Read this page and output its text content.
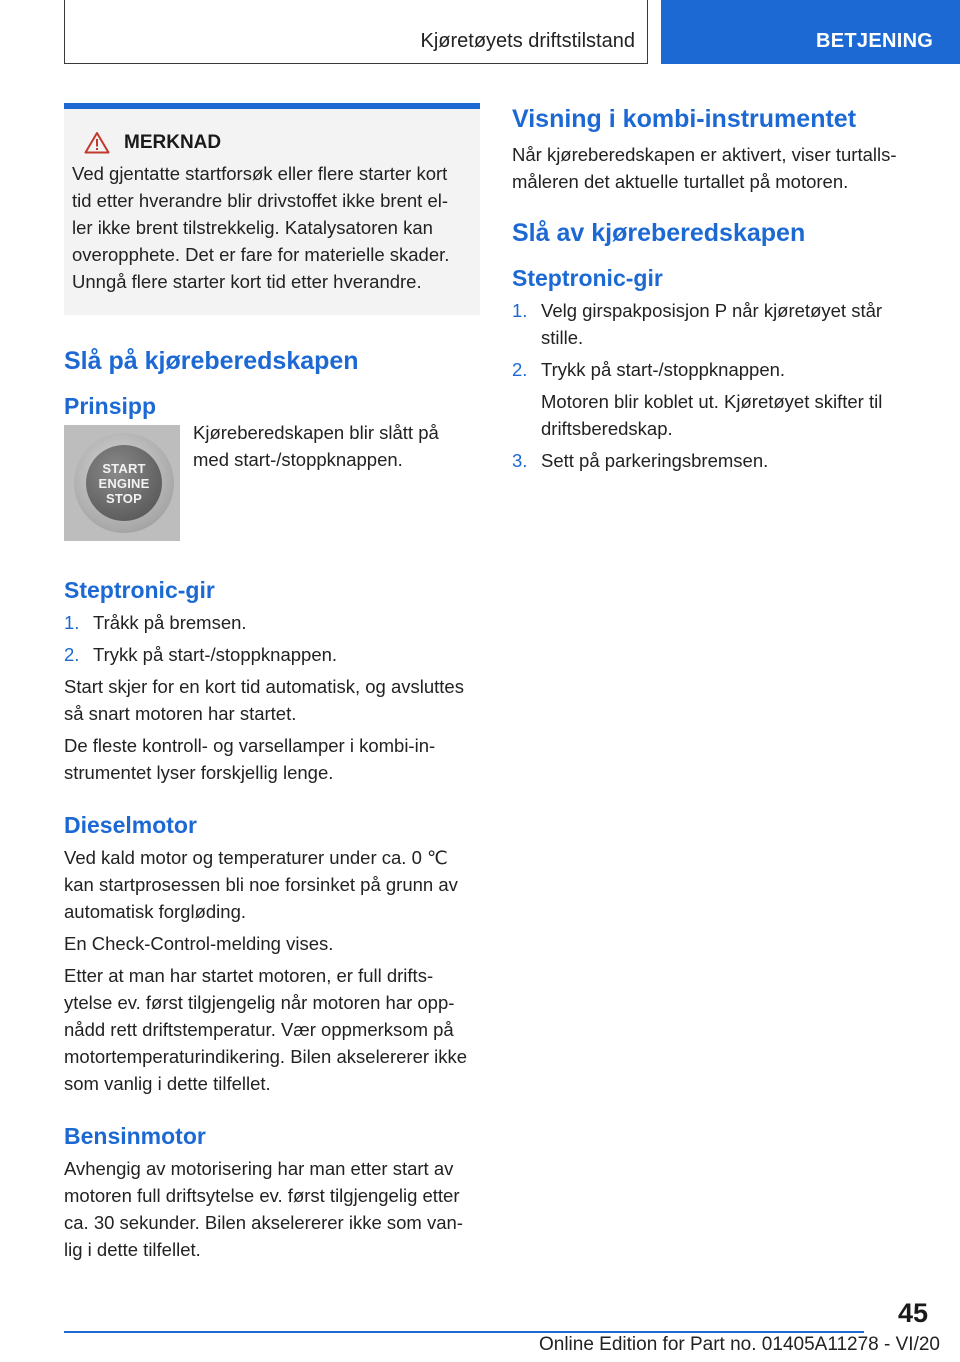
Kjøretøyets driftstilstand	BETJENING
MERKNAD
Ved gjentatte startforsøk eller flere starter kort
tid etter hverandre blir drivstoffet ikke brent el-
ler ikke brent tilstrekkelig. Katalysatoren kan
overopphete. Det er fare for materielle skader.
Unngå flere starter kort tid etter hverandre.
Slå på kjøreberedskapen
Prinsipp
START
ENGINE
STOP
Kjøreberedskapen blir slått på
med start-/stoppknappen.
Steptronic-gir
1. Tråkk på bremsen.
2. Trykk på start-/stoppknappen.

Start skjer for en kort tid automatisk, og avsluttes
så snart motoren har startet.

De fleste kontroll- og varsellamper i kombi-in-
strumentet lyser forskjellig lenge.

Dieselmotor

Ved kald motor og temperaturer under ca. 0 ℃
kan startprosessen bli noe forsinket på grunn av
automatisk forgløding.

En Check-Control-melding vises.

Etter at man har startet motoren, er full drifts-
ytelse ev. først tilgjengelig når motoren har opp-
nådd rett driftstemperatur. Vær oppmerksom på
motortemperaturindikering. Bilen akselererer ikke
som vanlig i dette tilfellet.

Bensinmotor

Avhengig av motorisering har man etter start av
motoren full driftsytelse ev. først tilgjengelig etter
ca. 30 sekunder. Bilen akselererer ikke som van-
lig i dette tilfellet.

Visning i kombi-instrumentet

Når kjøreberedskapen er aktivert, viser turtalls-
måleren det aktuelle turtallet på motoren.

Slå av kjøreberedskapen
Steptronic-gir
1. Velg girspakposisjon P når kjøretøyet står
stille.
2. Trykk på start-/stoppknappen.

Motoren blir koblet ut. Kjøretøyet skifter til
driftsberedskap.

3. Sett på parkeringsbremsen.
45
Online Edition for Part no. 01405A11278 - VI/20
